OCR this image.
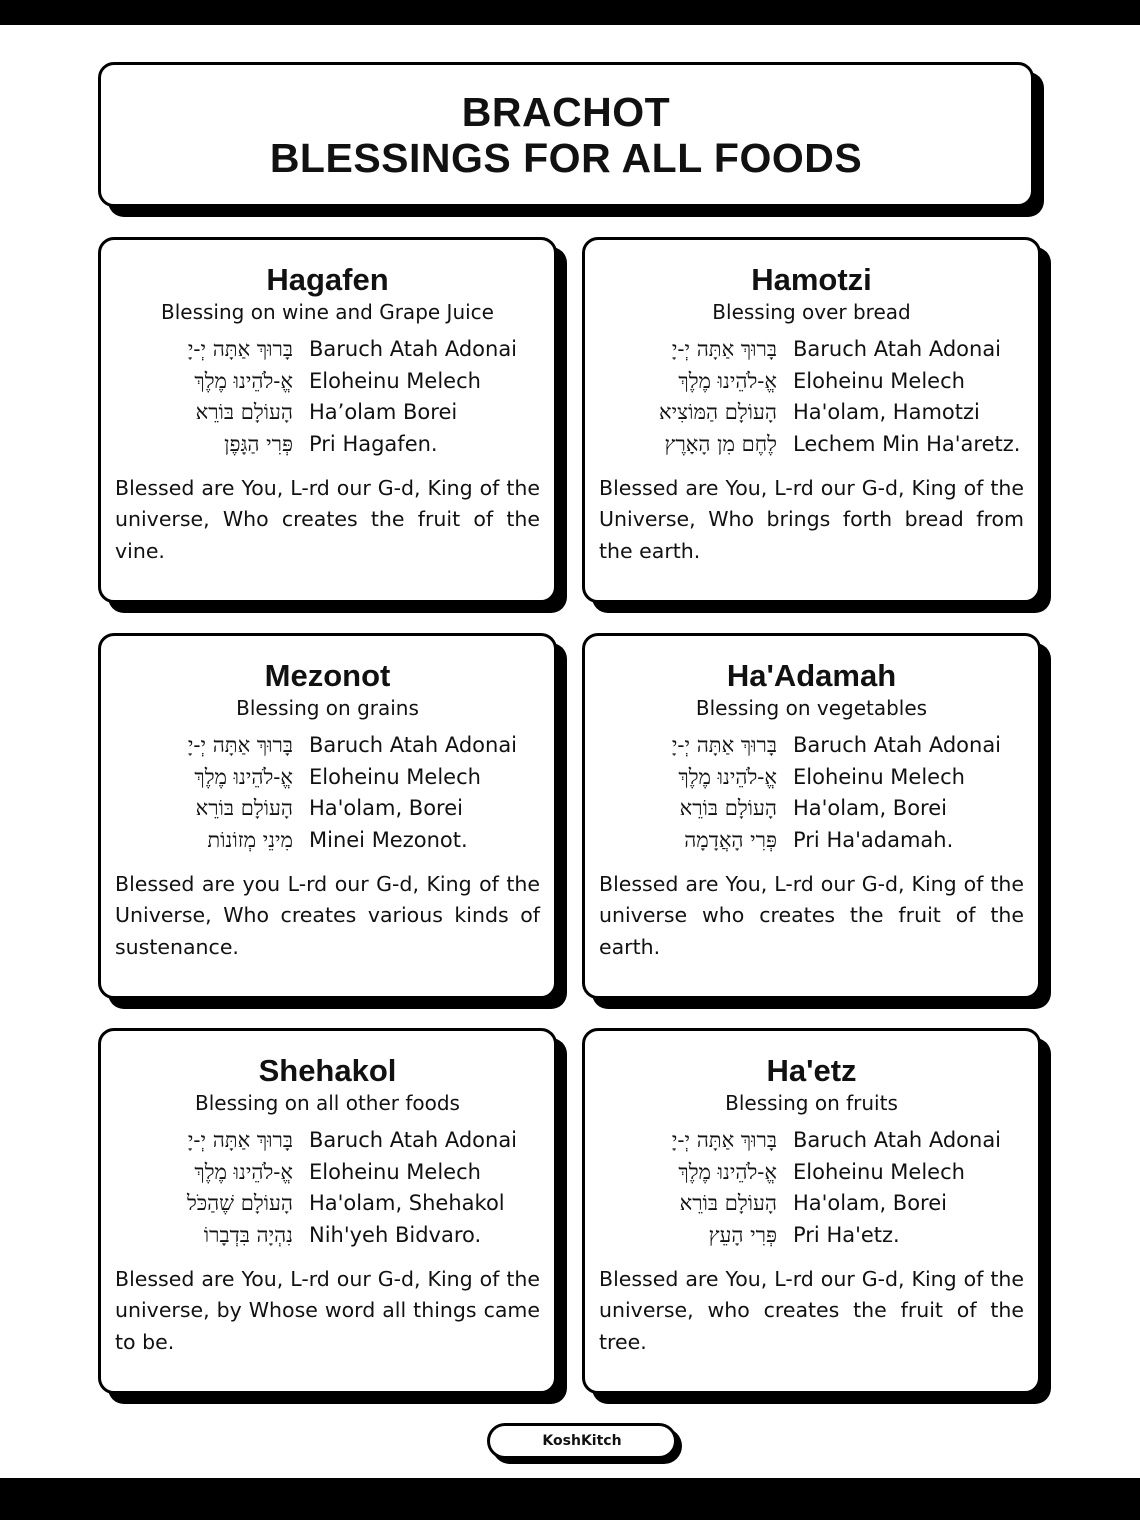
BRACHOT
BLESSINGS FOR ALL FOODS
Hagafen
Blessing on wine and Grape Juice
בָּרוּךְ אַתָּה יְ-יָ Baruch Atah Adonai
אֱ-לֹהֵינוּ מֶלֶךְ Eloheinu Melech
הָעוֹלָם בּוֹרֵא Ha’olam Borei
פְּרִי הַגָּפֶן Pri Hagafen.
Blessed are You, L-rd our G-d, King of the universe, Who creates the fruit of the vine.
Hamotzi
Blessing over bread
בָּרוּךְ אַתָּה יְ-יָ Baruch Atah Adonai
אֱ-לֹהֵינוּ מֶלֶךְ Eloheinu Melech
הָעוֹלָם הַמּוֹצִיא Ha'olam, Hamotzi
לֶחֶם מִן הָאָרֶץ Lechem Min Ha'aretz.
Blessed are You, L-rd our G-d, King of the Universe, Who brings forth bread from the earth.
Mezonot
Blessing on grains
בָּרוּךְ אַתָּה יְ-יָ Baruch Atah Adonai
אֱ-לֹהֵינוּ מֶלֶךְ Eloheinu Melech
הָעוֹלָם בּוֹרֵא Ha'olam, Borei
מִינֵי מְזוֹנוֹת Minei Mezonot.
Blessed are you L-rd our G-d, King of the Universe, Who creates various kinds of sustenance.
Ha'Adamah
Blessing on vegetables
בָּרוּךְ אַתָּה יְ-יָ Baruch Atah Adonai
אֱ-לֹהֵינוּ מֶלֶךְ Eloheinu Melech
הָעוֹלָם בּוֹרֵא Ha'olam, Borei
פְּרִי הָאֲדָמָה Pri Ha'adamah.
Blessed are You, L-rd our G-d, King of the universe who creates the fruit of the earth.
Shehakol
Blessing on all other foods
בָּרוּךְ אַתָּה יְ-יָ Baruch Atah Adonai
אֱ-לֹהֵינוּ מֶלֶךְ Eloheinu Melech
הָעוֹלָם שֶׁהַכֹּל Ha'olam, Shehakol
נִהְיָה בִּדְבָרוֹ Nih'yeh Bidvaro.
Blessed are You, L-rd our G-d, King of the universe, by Whose word all things came to be.
Ha'etz
Blessing on fruits
בָּרוּךְ אַתָּה יְ-יָ Baruch Atah Adonai
אֱ-לֹהֵינוּ מֶלֶךְ Eloheinu Melech
הָעוֹלָם בּוֹרֵא Ha'olam, Borei
פְּרִי הָעֵץ Pri Ha'etz.
Blessed are You, L-rd our G-d, King of the universe, who creates the fruit of the tree.
KoshKitch
